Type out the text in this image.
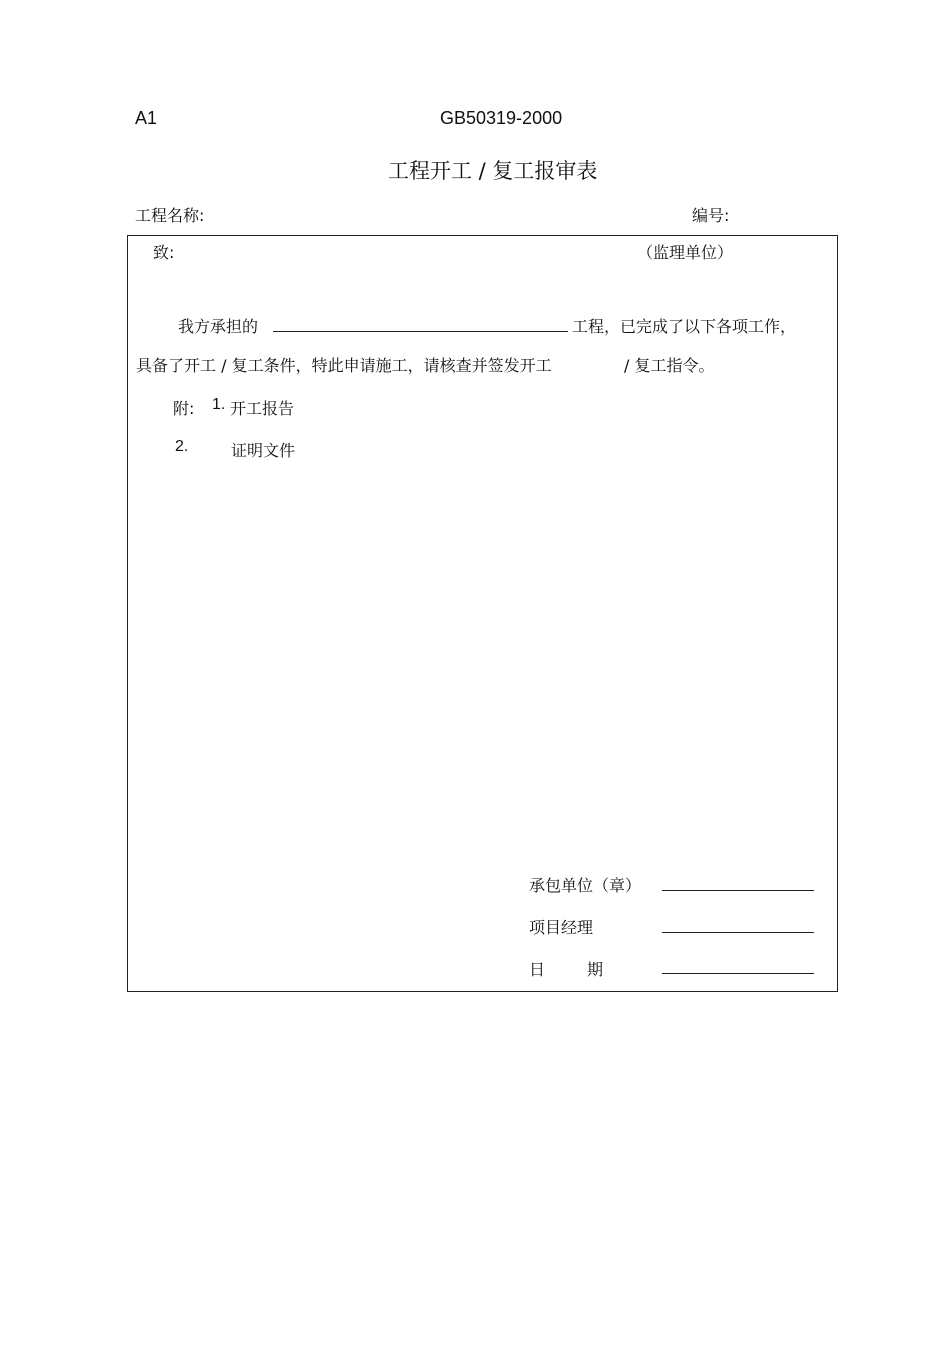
A1	GB50319-2000
工程开工 / 复工报审表
工程名称:	编号:
致:	（监理单位）
我方承担的	工程，已完成了以下各项工作，
具备了开工 / 复工条件，特此申请施工，请核查并签发开工	/ 复工指令。
附: 1. 开工报告
2.	证明文件
承包单位（章）
项目经理
日	期
